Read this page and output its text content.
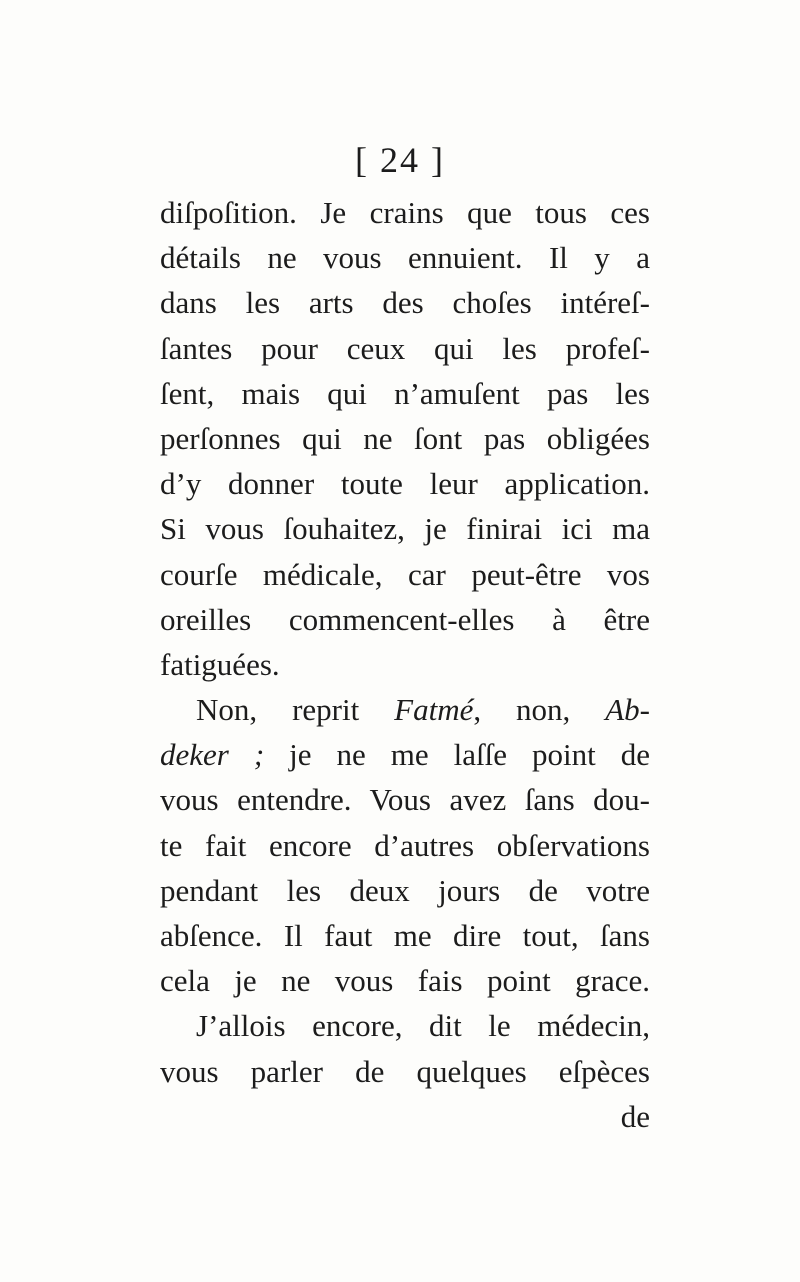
[ 24 ]
diſpoſition. Je crains que tous ces
détails ne vous ennuient. Il y a
dans les arts des choſes intéreſ-
ſantes pour ceux qui les profeſ-
ſent, mais qui n’amuſent pas les
perſonnes qui ne ſont pas obligées
d’y donner toute leur application.
Si vous ſouhaitez, je finirai ici ma
courſe médicale, car peut-être vos
oreilles commencent-elles à être
fatiguées.
Non, reprit Fatmé, non, Ab-
deker ; je ne me laſſe point de
vous entendre. Vous avez ſans dou-
te fait encore d’autres obſervations
pendant les deux jours de votre
abſence. Il faut me dire tout, ſans
cela je ne vous fais point grace.
J’allois encore, dit le médecin,
vous parler de quelques eſpèces
de
